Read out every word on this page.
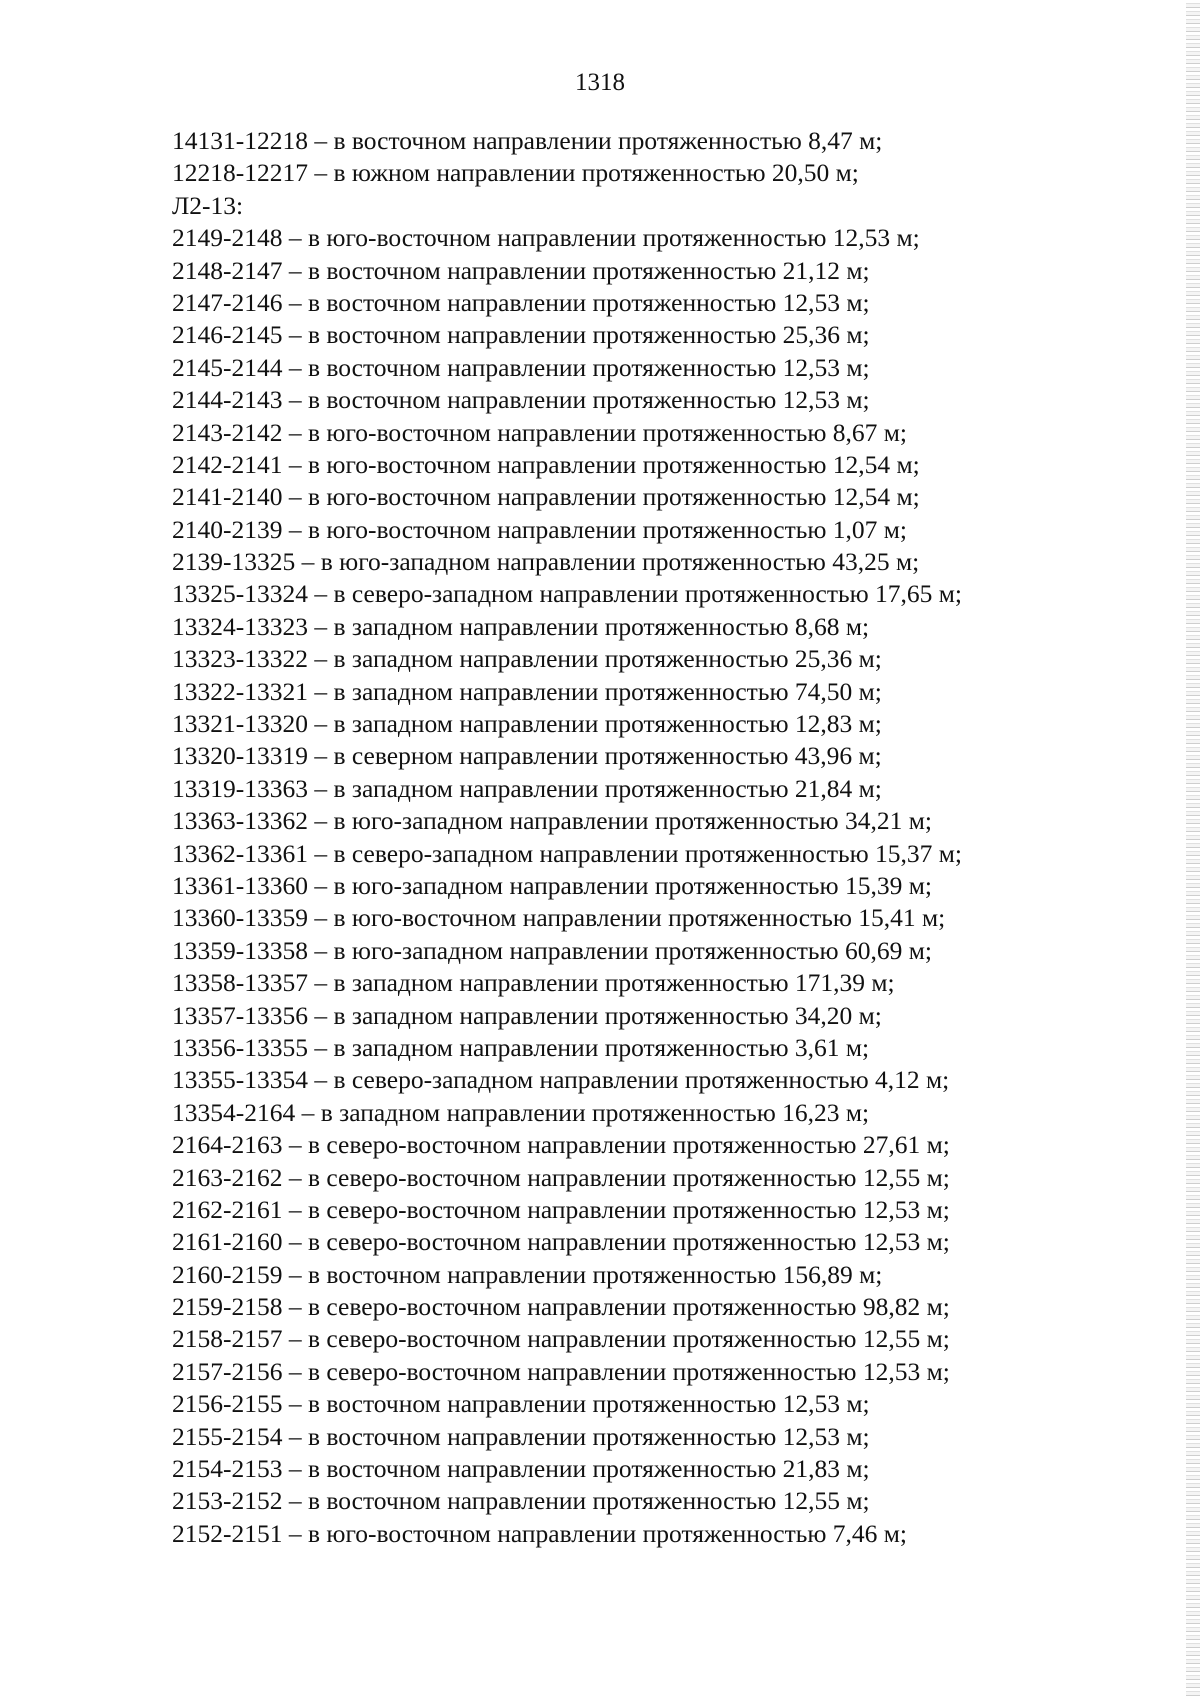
1318
14131-12218 – в восточном направлении протяженностью 8,47 м;
12218-12217 – в южном направлении протяженностью 20,50 м;
Л2-13:
2149-2148 – в юго-восточном направлении протяженностью 12,53 м;
2148-2147 – в восточном направлении протяженностью 21,12 м;
2147-2146 – в восточном направлении протяженностью 12,53 м;
2146-2145 – в восточном направлении протяженностью 25,36 м;
2145-2144 – в восточном направлении протяженностью 12,53 м;
2144-2143 – в восточном направлении протяженностью 12,53 м;
2143-2142 – в юго-восточном направлении протяженностью 8,67 м;
2142-2141 – в юго-восточном направлении протяженностью 12,54 м;
2141-2140 – в юго-восточном направлении протяженностью 12,54 м;
2140-2139 – в юго-восточном направлении протяженностью 1,07 м;
2139-13325 – в юго-западном направлении протяженностью 43,25 м;
13325-13324 – в северо-западном направлении протяженностью 17,65 м;
13324-13323 – в западном направлении протяженностью 8,68 м;
13323-13322 – в западном направлении протяженностью 25,36 м;
13322-13321 – в западном направлении протяженностью 74,50 м;
13321-13320 – в западном направлении протяженностью 12,83 м;
13320-13319 – в северном направлении протяженностью 43,96 м;
13319-13363 – в западном направлении протяженностью 21,84 м;
13363-13362 – в юго-западном направлении протяженностью 34,21 м;
13362-13361 – в северо-западном направлении протяженностью 15,37 м;
13361-13360 – в юго-западном направлении протяженностью 15,39 м;
13360-13359 – в юго-восточном направлении протяженностью 15,41 м;
13359-13358 – в юго-западном направлении протяженностью 60,69 м;
13358-13357 – в западном направлении протяженностью 171,39 м;
13357-13356 – в западном направлении протяженностью 34,20 м;
13356-13355 – в западном направлении протяженностью 3,61 м;
13355-13354 – в северо-западном направлении протяженностью 4,12 м;
13354-2164 – в западном направлении протяженностью 16,23 м;
2164-2163 – в северо-восточном направлении протяженностью 27,61 м;
2163-2162 – в северо-восточном направлении протяженностью 12,55 м;
2162-2161 – в северо-восточном направлении протяженностью 12,53 м;
2161-2160 – в северо-восточном направлении протяженностью 12,53 м;
2160-2159 – в восточном направлении протяженностью 156,89 м;
2159-2158 – в северо-восточном направлении протяженностью 98,82 м;
2158-2157 – в северо-восточном направлении протяженностью 12,55 м;
2157-2156 – в северо-восточном направлении протяженностью 12,53 м;
2156-2155 – в восточном направлении протяженностью 12,53 м;
2155-2154 – в восточном направлении протяженностью 12,53 м;
2154-2153 – в восточном направлении протяженностью 21,83 м;
2153-2152 – в восточном направлении протяженностью 12,55 м;
2152-2151 – в юго-восточном направлении протяженностью 7,46 м;
